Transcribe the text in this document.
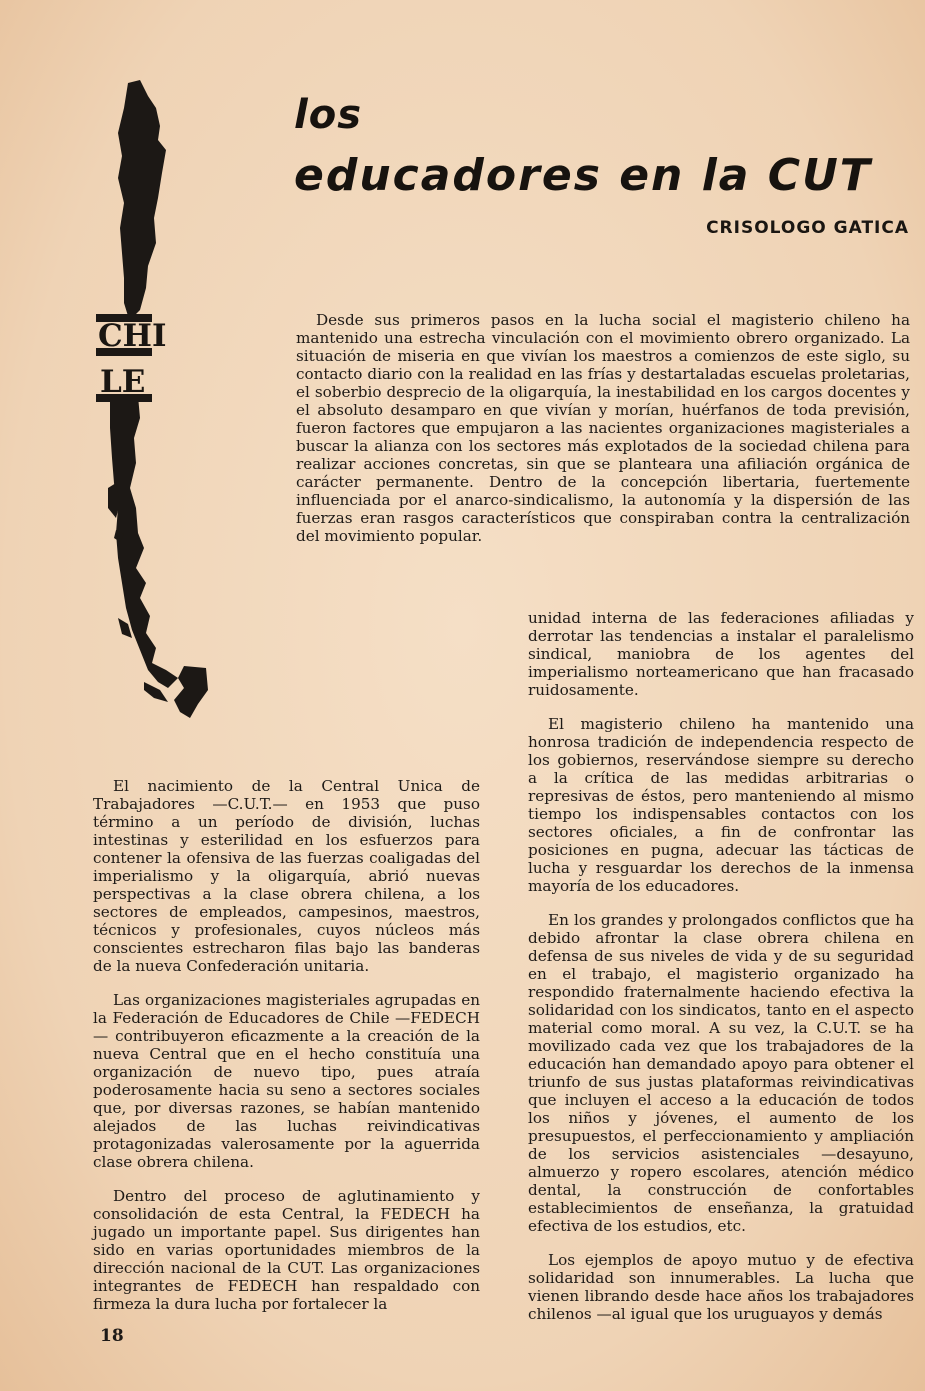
CHI
LE
los
educadores en la CUT
CRISOLOGO GATICA

Desde sus primeros pasos en la lucha social el magisterio chileno ha mantenido una estrecha vinculación con el movimiento obrero organizado. La situación de miseria en que vivían los maestros a comienzos de este siglo, su contacto diario con la realidad en las frías y destartaladas escuelas proletarias, el soberbio desprecio de la oligarquía, la inestabilidad en los cargos docentes y el absoluto desamparo en que vivían y morían, huérfanos de toda previsión, fueron factores que empujaron a las nacientes organizaciones magisteriales a buscar la alianza con los sectores más explotados de la sociedad chilena para realizar acciones concretas, sin que se planteara una afiliación orgánica de carácter permanente. Dentro de la concepción libertaria, fuertemente influenciada por el anarco-sindicalismo, la autonomía y la dispersión de las fuerzas eran rasgos característicos que conspiraban contra la centralización del movimiento popular.

El nacimiento de la Central Unica de Trabajadores —C.U.T.— en 1953 que puso término a un período de división, luchas intestinas y esterilidad en los esfuerzos para contener la ofensiva de las fuerzas coaligadas del imperialismo y la oligarquía, abrió nuevas perspectivas a la clase obrera chilena, a los sectores de empleados, campesinos, maestros, técnicos y profesionales, cuyos núcleos más conscientes estrecharon filas bajo las banderas de la nueva Confederación unitaria.

Las organizaciones magisteriales agrupadas en la Federación de Educadores de Chile —FEDECH— contribuyeron eficazmente a la creación de la nueva Central que en el hecho constituía una organización de nuevo tipo, pues atraía poderosamente hacia su seno a sectores sociales que, por diversas razones, se habían mantenido alejados de las luchas reivindicativas protagonizadas valerosamente por la aguerrida clase obrera chilena.

Dentro del proceso de aglutinamiento y consolidación de esta Central, la FEDECH ha jugado un importante papel. Sus dirigentes han sido en varias oportunidades miembros de la dirección nacional de la CUT. Las organizaciones integrantes de FEDECH han respaldado con firmeza la dura lucha por fortalecer la

unidad interna de las federaciones afiliadas y derrotar las tendencias a instalar el paralelismo sindical, maniobra de los agentes del imperialismo norteamericano que han fracasado ruidosamente.

El magisterio chileno ha mantenido una honrosa tradición de independencia respecto de los gobiernos, reservándose siempre su derecho a la crítica de las medidas arbitrarias o represivas de éstos, pero manteniendo al mismo tiempo los indispensables contactos con los sectores oficiales, a fin de confrontar las posiciones en pugna, adecuar las tácticas de lucha y resguardar los derechos de la inmensa mayoría de los educadores.

En los grandes y prolongados conflictos que ha debido afrontar la clase obrera chilena en defensa de sus niveles de vida y de su seguridad en el trabajo, el magisterio organizado ha respondido fraternalmente haciendo efectiva la solidaridad con los sindicatos, tanto en el aspecto material como moral. A su vez, la C.U.T. se ha movilizado cada vez que los trabajadores de la educación han demandado apoyo para obtener el triunfo de sus justas plataformas reivindicativas que incluyen el acceso a la educación de todos los niños y jóvenes, el aumento de los presupuestos, el perfeccionamiento y ampliación de los servicios asistenciales —desayuno, almuerzo y ropero escolares, atención médico dental, la construcción de confortables establecimientos de enseñanza, la gratuidad efectiva de los estudios, etc.

Los ejemplos de apoyo mutuo y de efectiva solidaridad son innumerables. La lucha que vienen librando desde hace años los trabajadores chilenos —al igual que los uruguayos y demás

18
